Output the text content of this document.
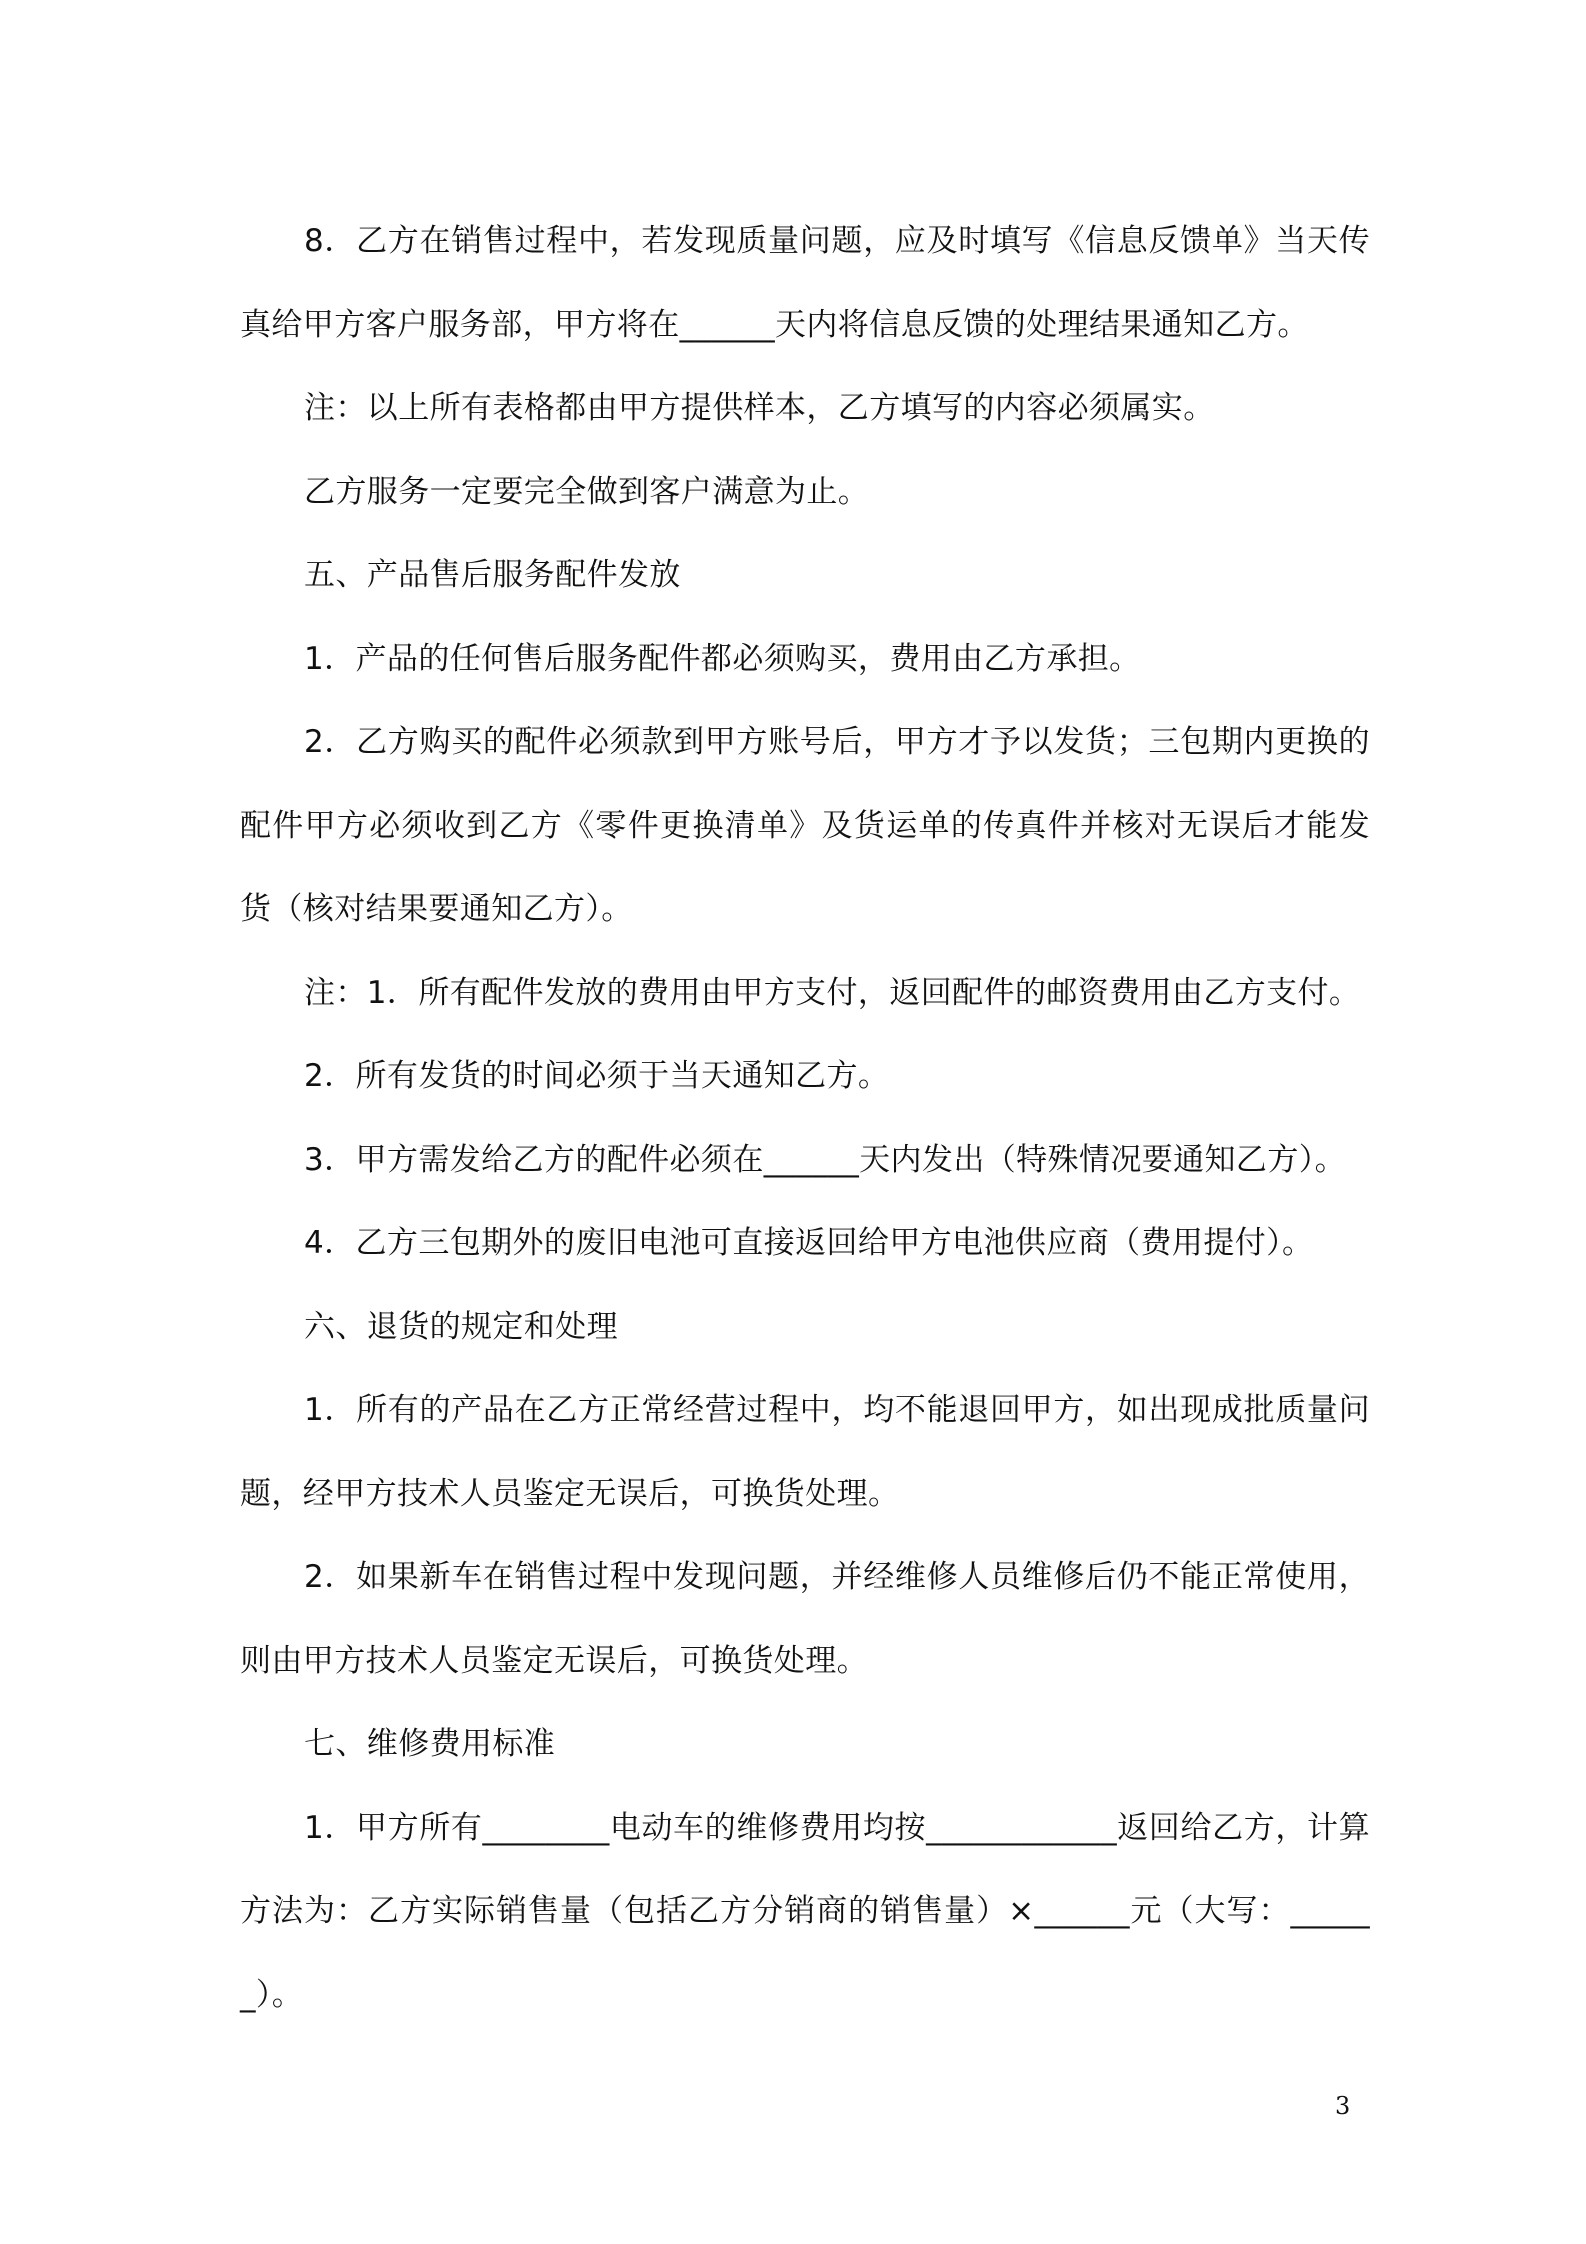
8．乙方在销售过程中，若发现质量问题，应及时填写《信息反馈单》当天传真给甲方客户服务部，甲方将在______天内将信息反馈的处理结果通知乙方。

注：以上所有表格都由甲方提供样本，乙方填写的内容必须属实。

乙方服务一定要完全做到客户满意为止。

五、产品售后服务配件发放

1．产品的任何售后服务配件都必须购买，费用由乙方承担。

2．乙方购买的配件必须款到甲方账号后，甲方才予以发货；三包期内更换的配件甲方必须收到乙方《零件更换清单》及货运单的传真件并核对无误后才能发货（核对结果要通知乙方）。

注：1．所有配件发放的费用由甲方支付，返回配件的邮资费用由乙方支付。

2．所有发货的时间必须于当天通知乙方。

3．甲方需发给乙方的配件必须在______天内发出（特殊情况要通知乙方）。

4．乙方三包期外的废旧电池可直接返回给甲方电池供应商（费用提付）。

六、退货的规定和处理

1．所有的产品在乙方正常经营过程中，均不能退回甲方，如出现成批质量问题，经甲方技术人员鉴定无误后，可换货处理。

2．如果新车在销售过程中发现问题，并经维修人员维修后仍不能正常使用，则由甲方技术人员鉴定无误后，可换货处理。

七、维修费用标准

1．甲方所有________电动车的维修费用均按____________返回给乙方，计算方法为：乙方实际销售量（包括乙方分销商的销售量）×______元（大写：______）。

3
